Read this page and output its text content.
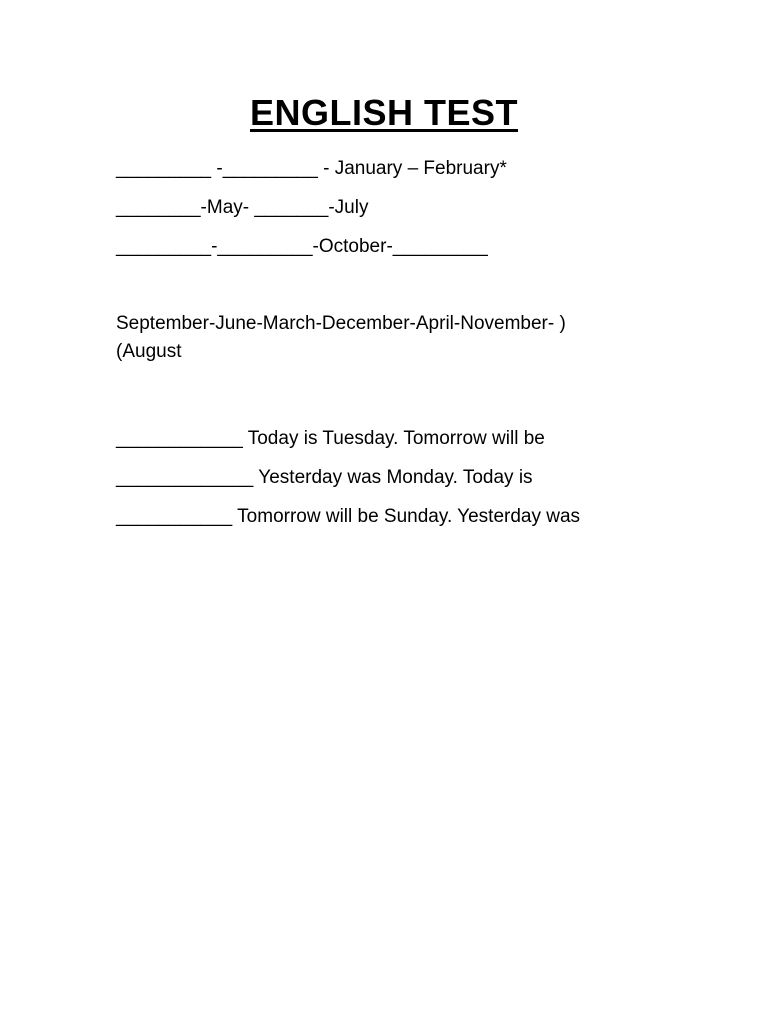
ENGLISH TEST
_________ -_________ - January – February*
________-May- _______-July
_________-_________-October-_________
September-June-March-December-April-November- )
(August
____________ Today is Tuesday. Tomorrow will be
_____________ Yesterday was Monday. Today is
___________ Tomorrow will be Sunday. Yesterday was
